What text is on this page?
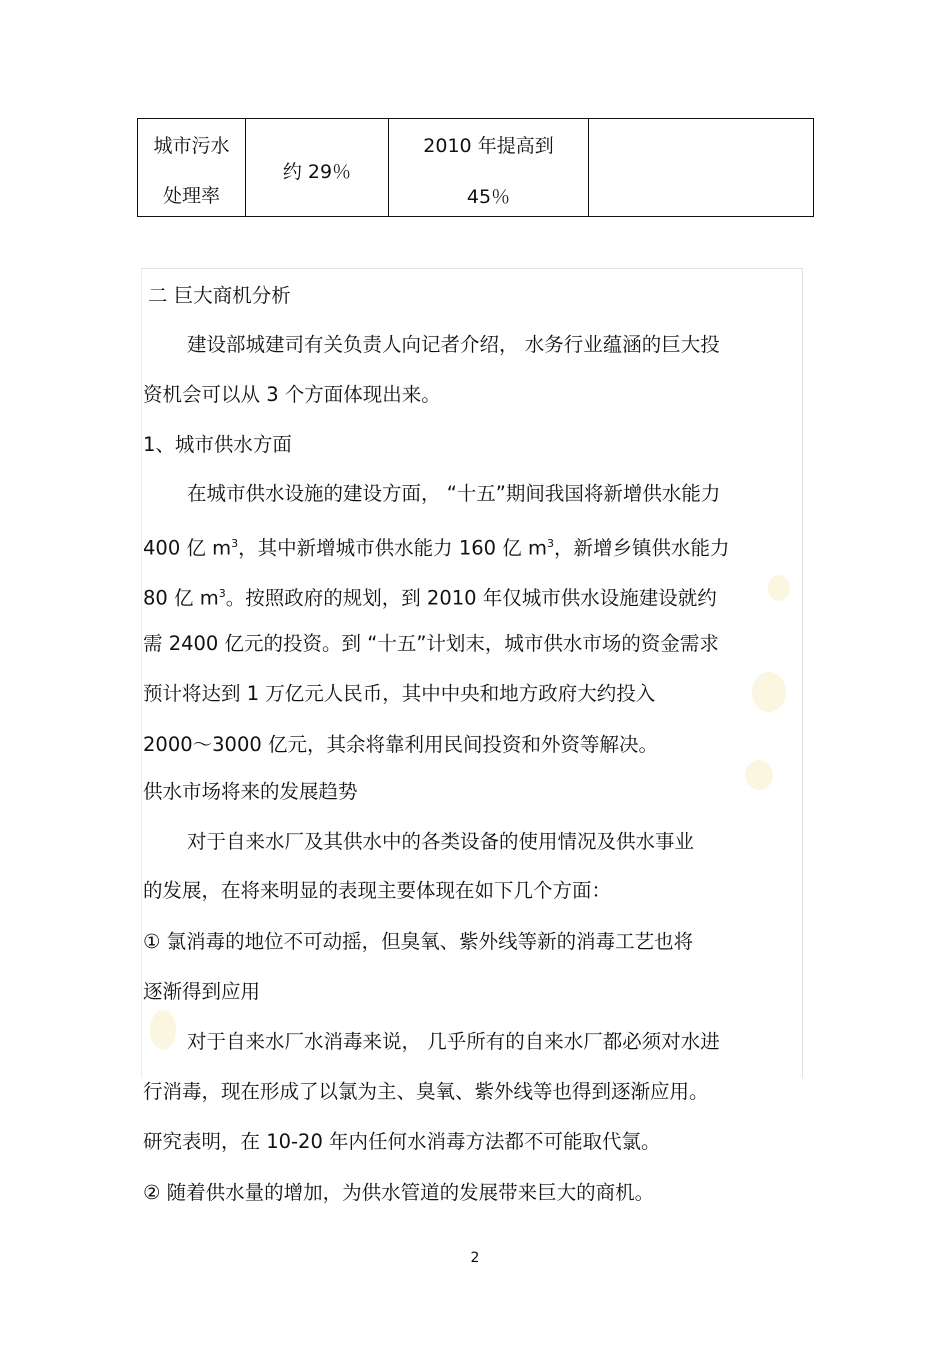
城市污水
处理率
约 29％
2010 年提高到
45％
二 巨大商机分析
建设部城建司有关负责人向记者介绍， 水务行业蕴涵的巨大投
资机会可以从 3 个方面体现出来。
1、城市供水方面
在城市供水设施的建设方面， “十五”期间我国将新增供水能力
400 亿 $m^3$，其中新增城市供水能力 160 亿 $m^3$，新增乡镇供水能力
80 亿 $m^3$。按照政府的规划，到 2010 年仅城市供水设施建设就约
需 2400 亿元的投资。到 “十五”计划末，城市供水市场的资金需求
预计将达到 1 万亿元人民币，其中中央和地方政府大约投入
2000～3000 亿元，其余将靠利用民间投资和外资等解决。
供水市场将来的发展趋势
对于自来水厂及其供水中的各类设备的使用情况及供水事业
的发展，在将来明显的表现主要体现在如下几个方面：
① 氯消毒的地位不可动摇，但臭氧、紫外线等新的消毒工艺也将
逐渐得到应用
对于自来水厂水消毒来说， 几乎所有的自来水厂都必须对水进
行消毒，现在形成了以氯为主、臭氧、紫外线等也得到逐渐应用。
研究表明，在 10-20 年内任何水消毒方法都不可能取代氯。
② 随着供水量的增加，为供水管道的发展带来巨大的商机。
2
